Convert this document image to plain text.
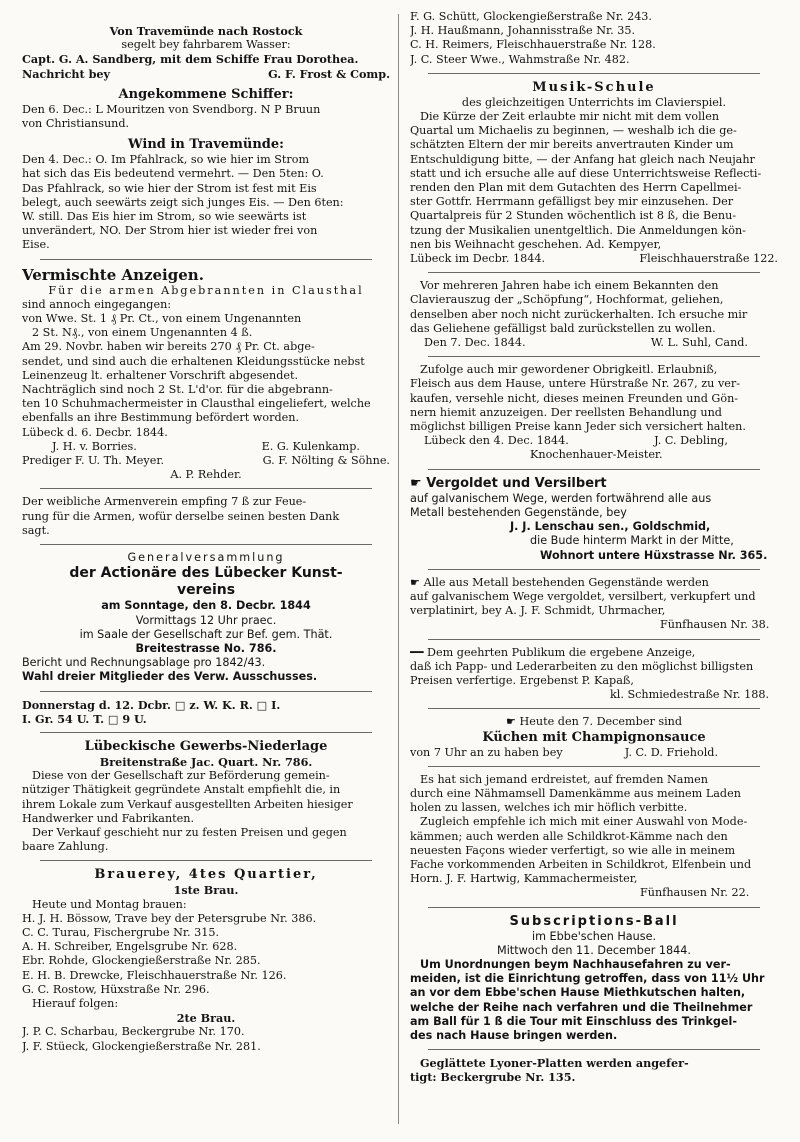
Von Travemünde nach Rostock
segelt bey fahrbarem Wasser:
Capt. G. A. Sandberg, mit dem Schiffe Frau Dorothea.
Nachricht bey	G. F. Frost & Comp.
Angekommene Schiffer:
Den 6. Dec.: L Mouritzen von Svendborg. N P Bruun
von Christiansund.
Wind in Travemünde:
Den 4. Dec.: O. Im Pfahlrack, so wie hier im Strom
hat sich das Eis bedeutend vermehrt. — Den 5ten: O.
Das Pfahlrack, so wie hier der Strom ist fest mit Eis
belegt, auch seewärts zeigt sich junges Eis. — Den 6ten:
W. still. Das Eis hier im Strom, so wie seewärts ist
unverändert, NO. Der Strom hier ist wieder frei von
Eise.
Vermischte Anzeigen.
Für die armen Abgebrannten in Clausthal
sind annoch eingegangen:
von Wwe. St. 1 ₰ Pr. Ct., von einem Ungenannten
2 St. N₰., von einem Ungenannten 4 ß.
Am 29. Novbr. haben wir bereits 270 ₰ Pr. Ct. abge-
sendet, und sind auch die erhaltenen Kleidungsstücke nebst
Leinenzeug lt. erhaltener Vorschrift abgesendet.
Nachträglich sind noch 2 St. L'd'or. für die abgebrann-
ten 10 Schuhmachermeister in Clausthal eingeliefert, welche
ebenfalls an ihre Bestimmung befördert worden.
Lübeck d. 6. Decbr. 1844.
J. H. v. Borries.	E. G. Kulenkamp.
Prediger F. U. Th. Meyer.	G. F. Nölting & Söhne.
A. P. Rehder.
Der weibliche Armenverein empfing 7 ß zur Feue-
rung für die Armen, wofür derselbe seinen besten Dank
sagt.
Generalversammlung
der Actionäre des Lübecker Kunst-
vereins
am Sonntage, den 8. Decbr. 1844
Vormittags 12 Uhr praec.
im Saale der Gesellschaft zur Bef. gem. Thät.
Breitestrasse No. 786.
Bericht und Rechnungsablage pro 1842/43.
Wahl dreier Mitglieder des Verw. Ausschusses.
Donnerstag d. 12. Dcbr. □ z. W. K. R. □ I.
I. Gr. 54 U. T. □ 9 U.
Lübeckische Gewerbs-Niederlage
Breitenstraße Jac. Quart. Nr. 786.
Diese von der Gesellschaft zur Beförderung gemein-
nütziger Thätigkeit gegründete Anstalt empfiehlt die, in
ihrem Lokale zum Verkauf ausgestellten Arbeiten hiesiger
Handwerker und Fabrikanten.
Der Verkauf geschieht nur zu festen Preisen und gegen
baare Zahlung.
Brauerey, 4tes Quartier,
1ste Brau.
Heute und Montag brauen:
H. J. H. Bössow, Trave bey der Petersgrube Nr. 386.
C. C. Turau, Fischergrube Nr. 315.
A. H. Schreiber, Engelsgrube Nr. 628.
Ebr. Rohde, Glockengießerstraße Nr. 285.
E. H. B. Drewcke, Fleischhauerstraße Nr. 126.
G. C. Rostow, Hüxstraße Nr. 296.
Hierauf folgen:
2te Brau.
J. P. C. Scharbau, Beckergrube Nr. 170.
J. F. Stüeck, Glockengießerstraße Nr. 281.
F. G. Schütt, Glockengießerstraße Nr. 243.
J. H. Haußmann, Johannisstraße Nr. 35.
C. H. Reimers, Fleischhauerstraße Nr. 128.
J. C. Steer Wwe., Wahmstraße Nr. 482.
Musik-Schule
des gleichzeitigen Unterrichts im Clavierspiel.
Die Kürze der Zeit erlaubte mir nicht mit dem vollen
Quartal um Michaelis zu beginnen, — weshalb ich die ge-
schätzten Eltern der mir bereits anvertrauten Kinder um
Entschuldigung bitte, — der Anfang hat gleich nach Neujahr
statt und ich ersuche alle auf diese Unterrichtsweise Reflecti-
renden den Plan mit dem Gutachten des Herrn Capellmei-
ster Gottfr. Herrmann gefälligst bey mir einzusehen. Der
Quartalpreis für 2 Stunden wöchentlich ist 8 ß, die Benu-
tzung der Musikalien unentgeltlich. Die Anmeldungen kön-
nen bis Weihnacht geschehen. Ad. Kempyer,
Lübeck im Decbr. 1844.	Fleischhauerstraße 122.
Vor mehreren Jahren habe ich einem Bekannten den
Clavierauszug der „Schöpfung“, Hochformat, geliehen,
denselben aber noch nicht zurückerhalten. Ich ersuche mir
das Geliehene gefälligst bald zurückstellen zu wollen.
Den 7. Dec. 1844.	W. L. Suhl, Cand.
Zufolge auch mir gewordener Obrigkeitl. Erlaubniß,
Fleisch aus dem Hause, untere Hürstraße Nr. 267, zu ver-
kaufen, versehle nicht, dieses meinen Freunden und Gön-
nern hiemit anzuzeigen. Der reellsten Behandlung und
möglichst billigen Preise kann Jeder sich versichert halten.
Lübeck den 4. Dec. 1844.	J. C. Debling,
Knochenhauer-Meister.
☛ Vergoldet und Versilbert
auf galvanischem Wege, werden fortwährend alle aus
Metall bestehenden Gegenstände, bey
J. J. Lenschau sen., Goldschmid,
die Bude hinterm Markt in der Mitte,
Wohnort untere Hüxstrasse Nr. 365.
☛ Alle aus Metall bestehenden Gegenstände werden
auf galvanischem Wege vergoldet, versilbert, verkupfert und
verplatinirt, bey A. J. F. Schmidt, Uhrmacher,
Fünfhausen Nr. 38.
━━ Dem geehrten Publikum die ergebene Anzeige,
daß ich Papp- und Lederarbeiten zu den möglichst billigsten
Preisen verfertige. Ergebenst P. Kapaß,
kl. Schmiedestraße Nr. 188.
☛ Heute den 7. December sind
Küchen mit Champignonsauce
von 7 Uhr an zu haben bey	J. C. D. Friehold.
Es hat sich jemand erdreistet, auf fremden Namen
durch eine Nähmamsell Damenkämme aus meinem Laden
holen zu lassen, welches ich mir höflich verbitte.
Zugleich empfehle ich mich mit einer Auswahl von Mode-
kämmen; auch werden alle Schildkrot-Kämme nach den
neuesten Façons wieder verfertigt, so wie alle in meinem
Fache vorkommenden Arbeiten in Schildkrot, Elfenbein und
Horn. J. F. Hartwig, Kammachermeister,
Fünfhausen Nr. 22.
Subscriptions-Ball
im Ebbe'schen Hause.
Mittwoch den 11. December 1844.
Um Unordnungen beym Nachhausefahren zu ver-
meiden, ist die Einrichtung getroffen, dass von 11½ Uhr
an vor dem Ebbe'schen Hause Miethkutschen halten,
welche der Reihe nach verfahren und die Theilnehmer
am Ball für 1 ß die Tour mit Einschluss des Trinkgel-
des nach Hause bringen werden.
Geglättete Lyoner-Platten werden angefer-
tigt: Beckergrube Nr. 135.
